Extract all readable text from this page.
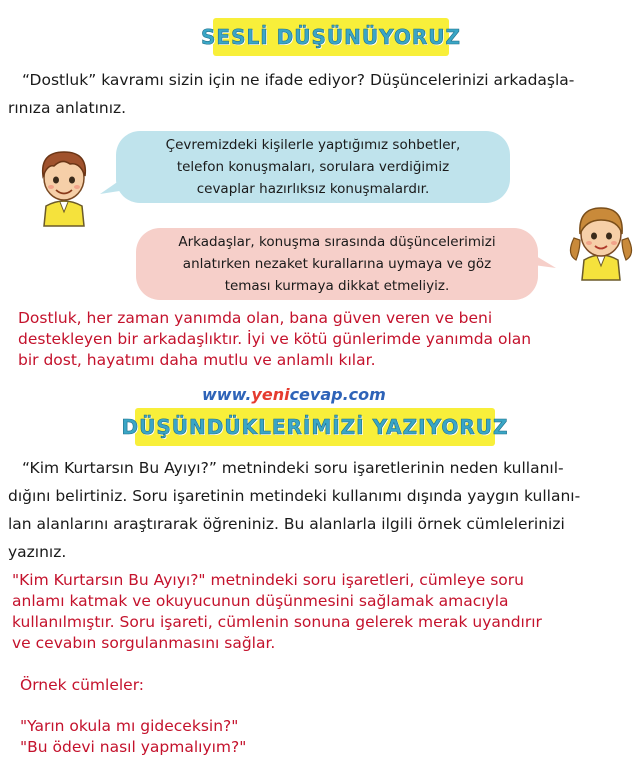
SESLİ DÜŞÜNÜYORUZ
“Dostluk” kavramı sizin için ne ifade ediyor? Düşüncelerinizi arkadaşla-
rınıza anlatınız.
Çevremizdeki kişilerle yaptığımız sohbetler,
telefon konuşmaları, sorulara verdiğimiz
cevaplar hazırlıksız konuşmalardır.
Arkadaşlar, konuşma sırasında düşüncelerimizi
anlatırken nezaket kurallarına uymaya ve göz
teması kurmaya dikkat etmeliyiz.
Dostluk, her zaman yanımda olan, bana güven veren ve beni
destekleyen bir arkadaşlıktır. İyi ve kötü günlerimde yanımda olan
bir dost, hayatımı daha mutlu ve anlamlı kılar.
www.yenicevap.com
DÜŞÜNDÜKLERİMİZİ YAZIYORUZ
“Kim Kurtarsın Bu Ayıyı?” metnindeki soru işaretlerinin neden kullanıl-
dığını belirtiniz. Soru işaretinin metindeki kullanımı dışında yaygın kullanı-
lan alanlarını araştırarak öğreniniz. Bu alanlarla ilgili örnek cümlelerinizi
yazınız.
"Kim Kurtarsın Bu Ayıyı?" metnindeki soru işaretleri, cümleye soru
anlamı katmak ve okuyucunun düşünmesini sağlamak amacıyla
kullanılmıştır. Soru işareti, cümlenin sonuna gelerek merak uyandırır
ve cevabın sorgulanmasını sağlar.
Örnek cümleler:
"Yarın okula mı gideceksin?"
"Bu ödevi nasıl yapmalıyım?"
